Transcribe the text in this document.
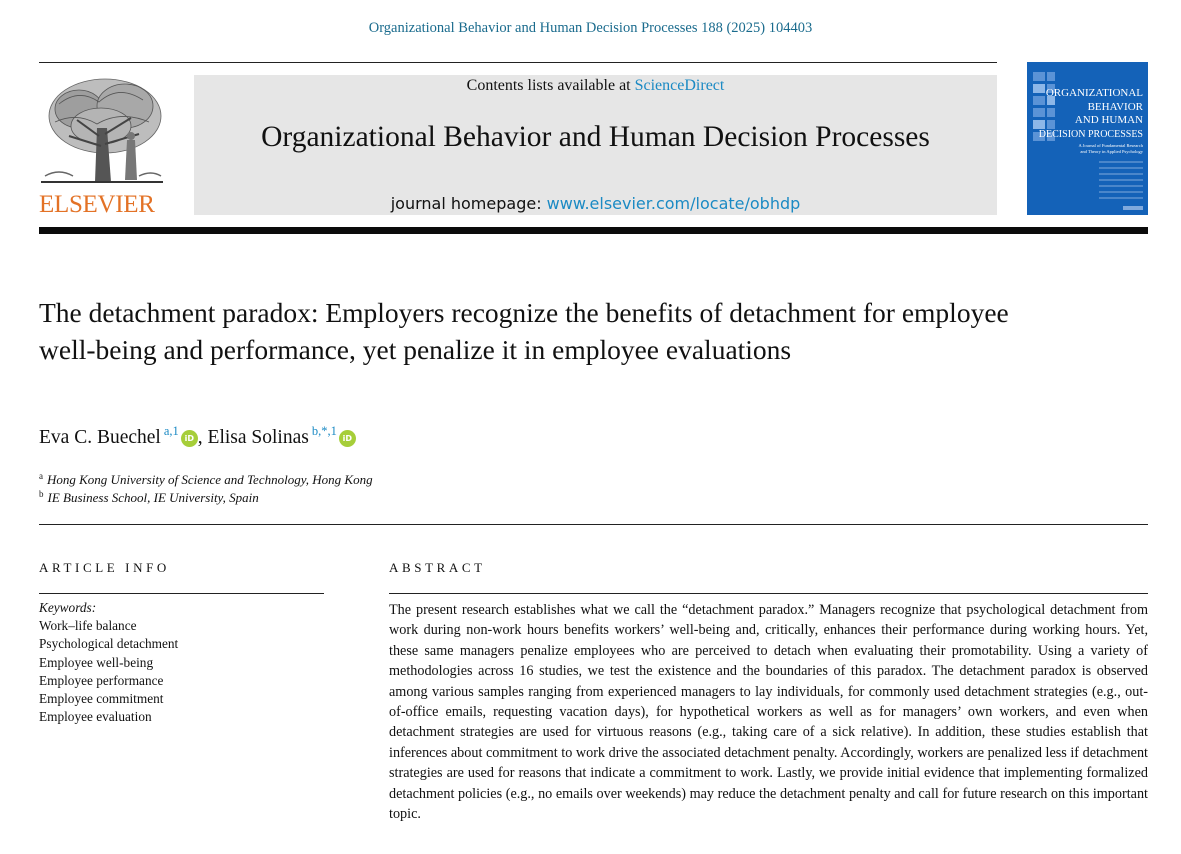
Organizational Behavior and Human Decision Processes 188 (2025) 104403
ELSEVIER
Contents lists available at ScienceDirect
Organizational Behavior and Human Decision Processes
journal homepage: www.elsevier.com/locate/obhdp
ORGANIZATIONAL
BEHAVIOR
AND HUMAN
DECISION PROCESSES
A Journal of Fundamental Research
and Theory in Applied Psychology
The detachment paradox: Employers recognize the benefits of detachment for employee well-being and performance, yet penalize it in employee evaluations
Eva C. Buechel $^{a,1}$iD , Elisa Solinas $^{b,*,1}$iD
$^a$ Hong Kong University of Science and Technology, Hong Kong
$^b$ IE Business School, IE University, Spain
ARTICLE INFO
Keywords:
Work–life balance
Psychological detachment
Employee well-being
Employee performance
Employee commitment
Employee evaluation
ABSTRACT
The present research establishes what we call the “detachment paradox.” Managers recognize that psychological detachment from work during non-work hours benefits workers’ well-being and, critically, enhances their performance during working hours. Yet, these same managers penalize employees who are perceived to detach when evaluating their promotability. Using a variety of methodologies across 16 studies, we test the existence and the boundaries of this paradox. The detachment paradox is observed among various samples ranging from experienced managers to lay individuals, for commonly used detachment strategies (e.g., out-of-office emails, requesting vacation days), for hypothetical workers as well as for managers’ own workers, and even when detachment strategies are used for virtuous reasons (e.g., taking care of a sick relative). In addition, these studies establish that inferences about commitment to work drive the associated detachment penalty. Accordingly, workers are penalized less if detachment strategies are used for reasons that indicate a commitment to work. Lastly, we provide initial evidence that implementing formalized detachment policies (e.g., no emails over weekends) may reduce the detachment penalty and call for future research on this important topic.
